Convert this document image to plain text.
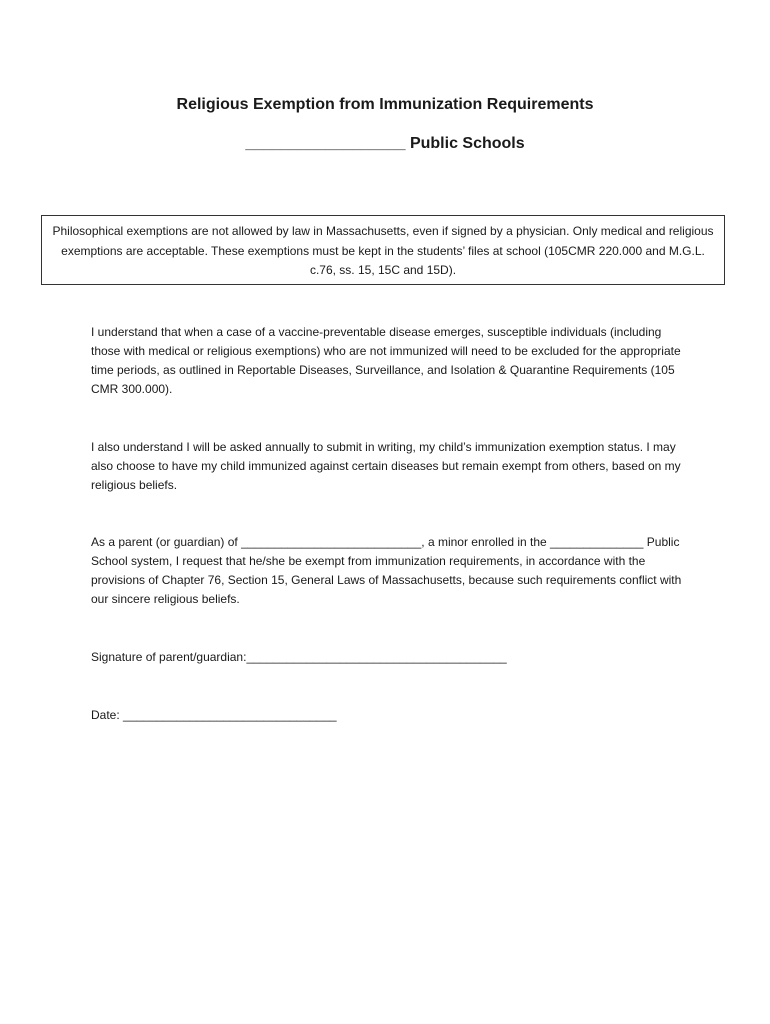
Religious Exemption from Immunization Requirements
__________________ Public Schools
Philosophical exemptions are not allowed by law in Massachusetts, even if signed by a physician. Only medical and religious exemptions are acceptable. These exemptions must be kept in the students’ files at school (105CMR 220.000 and M.G.L. c.76, ss. 15, 15C and 15D).

I understand that when a case of a vaccine-preventable disease emerges, susceptible individuals (including those with medical or religious exemptions) who are not immunized will need to be excluded for the appropriate time periods, as outlined in Reportable Diseases, Surveillance, and Isolation & Quarantine Requirements (105 CMR 300.000).

I also understand I will be asked annually to submit in writing, my child’s immunization exemption status. I may also choose to have my child immunized against certain diseases but remain exempt from others, based on my religious beliefs.

As a parent (or guardian) of ___________________________, a minor enrolled in the ______________ Public School system, I request that he/she be exempt from immunization requirements, in accordance with the provisions of Chapter 76, Section 15, General Laws of Massachusetts, because such requirements conflict with our sincere religious beliefs.

Signature of parent/guardian:_______________________________________

Date: ________________________________
